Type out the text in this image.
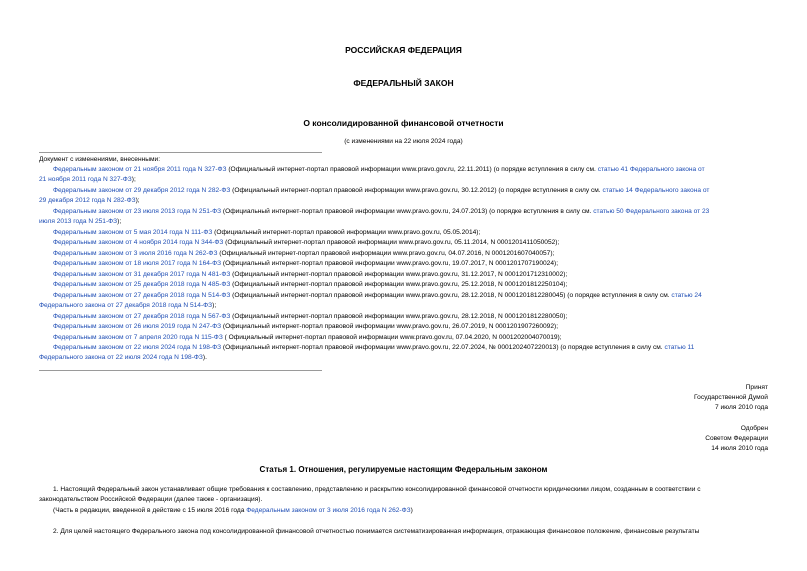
РОССИЙСКАЯ ФЕДЕРАЦИЯ
ФЕДЕРАЛЬНЫЙ ЗАКОН
О консолидированной финансовой отчетности
(с изменениями на 22 июля 2024 года)
Документ с изменениями, внесенными:
Федеральным законом от 21 ноября 2011 года N 327-ФЗ (Официальный интернет-портал правовой информации www.pravo.gov.ru, 22.11.2011) (о порядке вступления в силу см. статью 41 Федерального закона от
21 ноября 2011 года N 327-ФЗ);
Федеральным законом от 29 декабря 2012 года N 282-ФЗ (Официальный интернет-портал правовой информации www.pravo.gov.ru, 30.12.2012) (о порядке вступления в силу см. статью 14 Федерального закона от
29 декабря 2012 года N 282-ФЗ);
Федеральным законом от 23 июля 2013 года N 251-ФЗ (Официальный интернет-портал правовой информации www.pravo.gov.ru, 24.07.2013) (о порядке вступления в силу см. статью 50 Федерального закона от 23
июля 2013 года N 251-ФЗ);
Федеральным законом от 5 мая 2014 года N 111-ФЗ (Официальный интернет-портал правовой информации www.pravo.gov.ru, 05.05.2014);
Федеральным законом от 4 ноября 2014 года N 344-ФЗ (Официальный интернет-портал правовой информации www.pravo.gov.ru, 05.11.2014, N 0001201411050052);
Федеральным законом от 3 июля 2016 года N 262-ФЗ (Официальный интернет-портал правовой информации www.pravo.gov.ru, 04.07.2016, N 0001201607040057);
Федеральным законом от 18 июля 2017 года N 164-ФЗ (Официальный интернет-портал правовой информации www.pravo.gov.ru, 19.07.2017, N 0001201707190024);
Федеральным законом от 31 декабря 2017 года N 481-ФЗ (Официальный интернет-портал правовой информации www.pravo.gov.ru, 31.12.2017, N 0001201712310002);
Федеральным законом от 25 декабря 2018 года N 485-ФЗ (Официальный интернет-портал правовой информации www.pravo.gov.ru, 25.12.2018, N 0001201812250104);
Федеральным законом от 27 декабря 2018 года N 514-ФЗ (Официальный интернет-портал правовой информации www.pravo.gov.ru, 28.12.2018, N 0001201812280045) (о порядке вступления в силу см. статью 24
Федерального закона от 27 декабря 2018 года N 514-ФЗ);
Федеральным законом от 27 декабря 2018 года N 567-ФЗ (Официальный интернет-портал правовой информации www.pravo.gov.ru, 28.12.2018, N 0001201812280050);
Федеральным законом от 26 июля 2019 года N 247-ФЗ (Официальный интернет-портал правовой информации www.pravo.gov.ru, 26.07.2019, N 0001201907260092);
Федеральным законом от 7 апреля 2020 года N 115-ФЗ ( Официальный интернет-портал правовой информации www.pravo.gov.ru, 07.04.2020, N 0001202004070019);
Федеральным законом от 22 июля 2024 года N 198-ФЗ (Официальный интернет-портал правовой информации www.pravo.gov.ru, 22.07.2024, № 0001202407220013) (о порядке вступления в силу см. статью 11
Федерального закона от 22 июля 2024 года N 198-ФЗ).
Принят
Государственной Думой
7 июля 2010 года
Одобрен
Советом Федерации
14 июля 2010 года
Статья 1. Отношения, регулируемые настоящим Федеральным законом
1. Настоящий Федеральный закон устанавливает общие требования к составлению, представлению и раскрытию консолидированной финансовой отчетности юридическими лицом, созданным в соответствии с
законодательством Российской Федерации (далее также - организация).
(Часть в редакции, введенной в действие с 15 июля 2016 года Федеральным законом от 3 июля 2016 года N 262-ФЗ)
2. Для целей настоящего Федерального закона под консолидированной финансовой отчетностью понимается систематизированная информация, отражающая финансовое положение, финансовые результаты
